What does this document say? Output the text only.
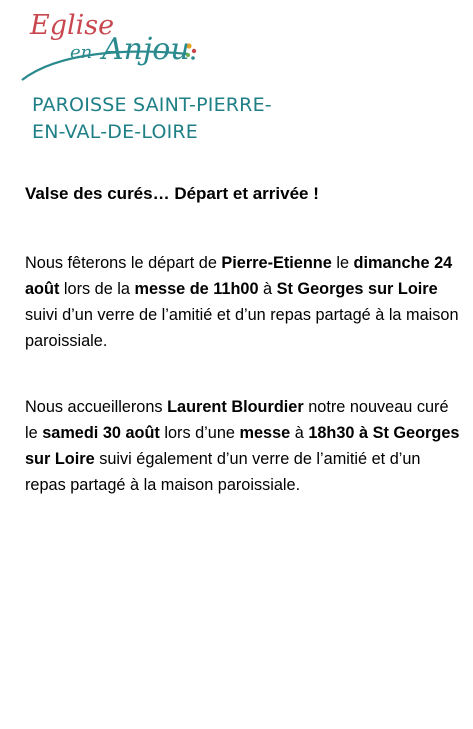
Eglise
en Anjou
PAROISSE SAINT-PIERRE-
EN-VAL-DE-LOIRE
Valse des curés… Départ et arrivée !
Nous fêterons le départ de Pierre-Etienne le dimanche 24 août lors de la messe de 11h00 à St Georges sur Loire suivi d’un verre de l’amitié et d’un repas partagé à la maison paroissiale.
Nous accueillerons Laurent Blourdier notre nouveau curé le samedi 30 août lors d’une messe à 18h30 à St Georges sur Loire suivi également d’un verre de l’amitié et d’un repas partagé à la maison paroissiale.
